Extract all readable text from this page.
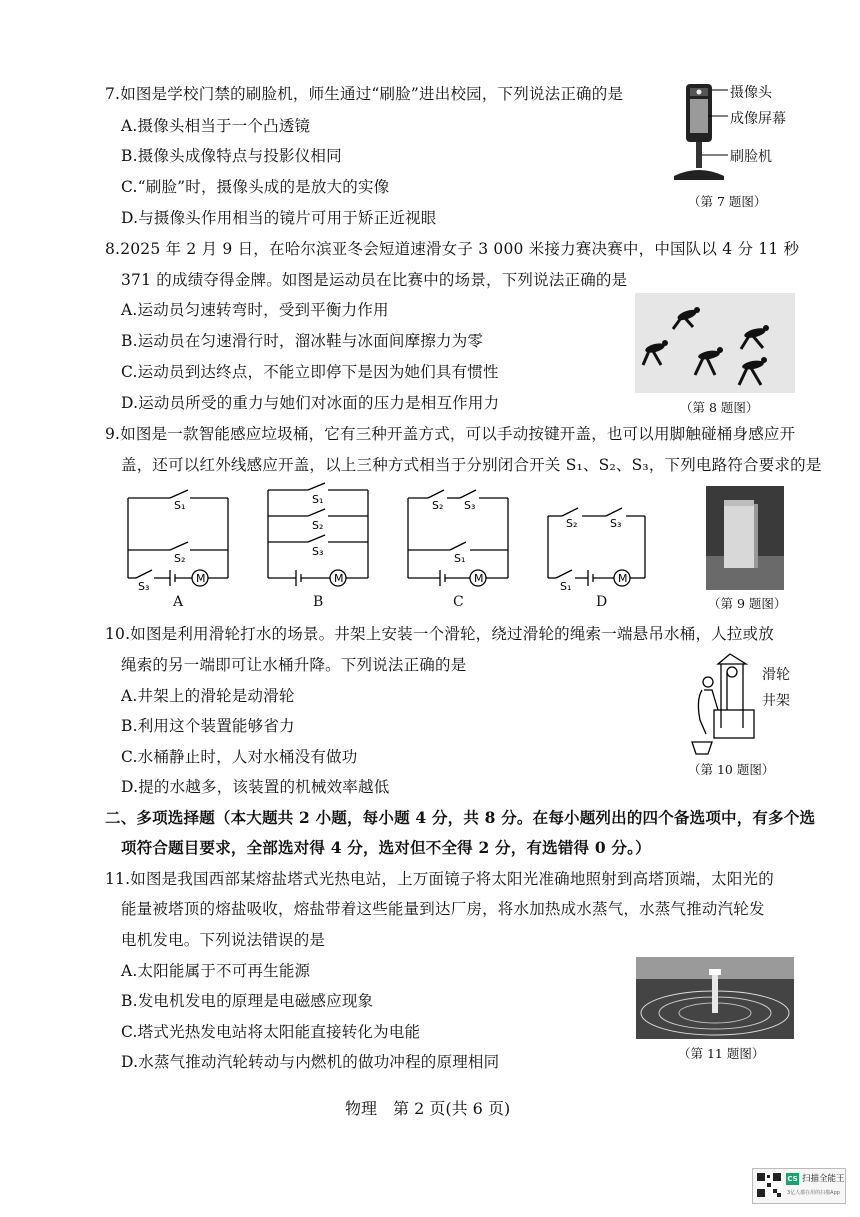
7.如图是学校门禁的刷脸机，师生通过“刷脸”进出校园，下列说法正确的是
A.摄像头相当于一个凸透镜
B.摄像头成像特点与投影仪相同
C.“刷脸”时，摄像头成的是放大的实像
D.与摄像头作用相当的镜片可用于矫正近视眼
摄像头
成像屏幕
刷脸机
（第 7 题图）
8.2025 年 2 月 9 日，在哈尔滨亚冬会短道速滑女子 3 000 米接力赛决赛中，中国队以 4 分 11 秒
371 的成绩夺得金牌。如图是运动员在比赛中的场景，下列说法正确的是
A.运动员匀速转弯时，受到平衡力作用
B.运动员在匀速滑行时，溜冰鞋与冰面间摩擦力为零
C.运动员到达终点，不能立即停下是因为她们具有惯性
D.运动员所受的重力与她们对冰面的压力是相互作用力	（第 8 题图）
9.如图是一款智能感应垃圾桶，它有三种开盖方式，可以手动按键开盖，也可以用脚触碰桶身感应开
盖，还可以红外线感应开盖，以上三种方式相当于分别闭合开关 S₁、S₂、S₃，下列电路符合要求的是
S₁
S₂
S₃
M
S₁
S₂
S₃
M
S₂ S₃
S₁
M
S₂	S₃
S₁
M
A	B	C	D	（第 9 题图）
10.如图是利用滑轮打水的场景。井架上安装一个滑轮，绕过滑轮的绳索一端悬吊水桶，人拉或放
绳索的另一端即可让水桶升降。下列说法正确的是
A.井架上的滑轮是动滑轮
B.利用这个装置能够省力
C.水桶静止时，人对水桶没有做功
D.提的水越多，该装置的机械效率越低
滑轮
井架
（第 10 题图）
二、多项选择题（本大题共 2 小题，每小题 4 分，共 8 分。在每小题列出的四个备选项中，有多个选
项符合题目要求，全部选对得 4 分，选对但不全得 2 分，有选错得 0 分。）
11.如图是我国西部某熔盐塔式光热电站，上万面镜子将太阳光准确地照射到高塔顶端，太阳光的
能量被塔顶的熔盐吸收，熔盐带着这些能量到达厂房，将水加热成水蒸气，水蒸气推动汽轮发
电机发电。下列说法错误的是
A.太阳能属于不可再生能源
B.发电机发电的原理是电磁感应现象
C.塔式光热发电站将太阳能直接转化为电能
D.水蒸气推动汽轮转动与内燃机的做功冲程的原理相同	（第 11 题图）
物理　第 2 页(共 6 页)
CS 扫描全能王
3亿人都在用的扫描App
